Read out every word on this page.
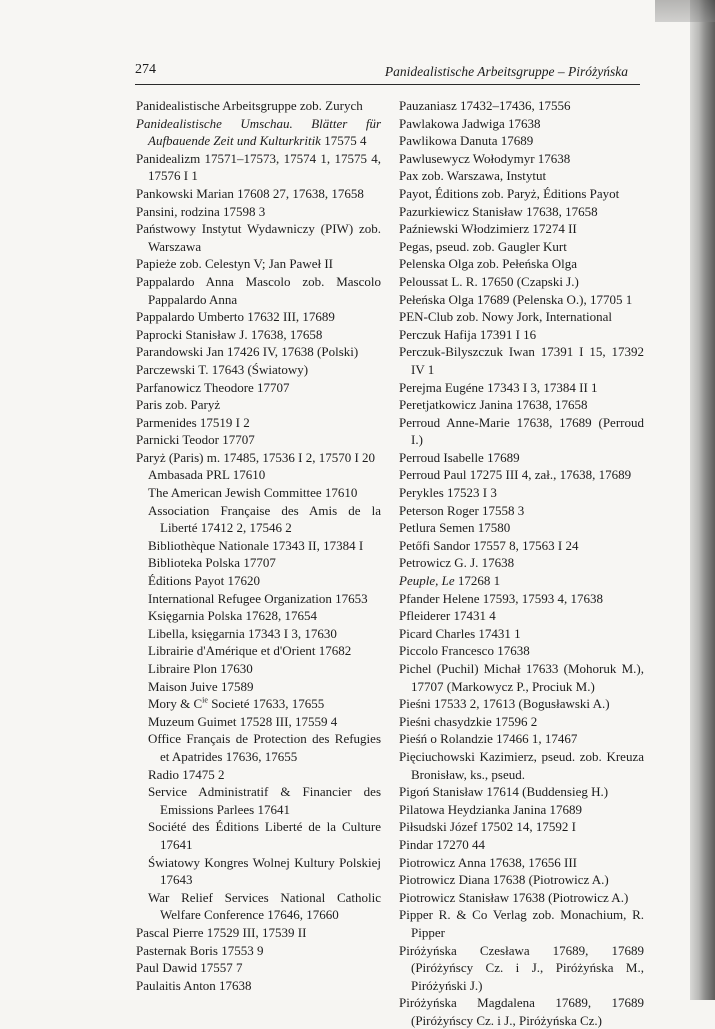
274	Panidealistische Arbeitsgruppe – Piróżyńska
Panidealistische Arbeitsgruppe zob. Zurych
Panidealistische Umschau. Blätter für Aufbauende Zeit und Kulturkritik 17575 4
Panidealizm 17571–17573, 17574 1, 17575 4, 17576 I 1
Pankowski Marian 17608 27, 17638, 17658
Pansini, rodzina 17598 3
Państwowy Instytut Wydawniczy (PIW) zob. Warszawa
Papieże zob. Celestyn V; Jan Paweł II
Pappalardo Anna Mascolo zob. Mascolo Pappalardo Anna
Pappalardo Umberto 17632 III, 17689
Paprocki Stanisław J. 17638, 17658
Parandowski Jan 17426 IV, 17638 (Polski)
Parczewski T. 17643 (Światowy)
Parfanowicz Theodore 17707
Paris zob. Paryż
Parmenides 17519 I 2
Parnicki Teodor 17707
Paryż (Paris) m. 17485, 17536 I 2, 17570 I 20
Ambasada PRL 17610
The American Jewish Committee 17610
Association Française des Amis de la Liberté 17412 2, 17546 2
Bibliothèque Nationale 17343 II, 17384 I
Biblioteka Polska 17707
Éditions Payot 17620
International Refugee Organization 17653
Księgarnia Polska 17628, 17654
Libella, księgarnia 17343 I 3, 17630
Librairie d'Amérique et d'Orient 17682
Libraire Plon 17630
Maison Juive 17589
Mory & $C^{ie}$ Societé 17633, 17655
Muzeum Guimet 17528 III, 17559 4
Office Français de Protection des Refugies et Apatrides 17636, 17655
Radio 17475 2
Service Administratif & Financier des Emissions Parlees 17641
Société des Éditions Liberté de la Culture 17641
Światowy Kongres Wolnej Kultury Polskiej 17643
War Relief Services National Catholic Welfare Conference 17646, 17660
Pascal Pierre 17529 III, 17539 II
Pasternak Boris 17553 9
Paul Dawid 17557 7
Paulaitis Anton 17638
Pauzaniasz 17432–17436, 17556
Pawlakowa Jadwiga 17638
Pawlikowa Danuta 17689
Pawlusewycz Wołodymyr 17638
Pax zob. Warszawa, Instytut
Payot, Éditions zob. Paryż, Éditions Payot
Pazurkiewicz Stanisław 17638, 17658
Paźniewski Włodzimierz 17274 II
Pegas, pseud. zob. Gaugler Kurt
Pelenska Olga zob. Pełeńska Olga
Peloussat L. R. 17650 (Czapski J.)
Pełeńska Olga 17689 (Pelenska O.), 17705 1
PEN-Club zob. Nowy Jork, International
Perczuk Hafija 17391 I 16
Perczuk-Bilyszczuk Iwan 17391 I 15, 17392 IV 1
Perejma Eugéne 17343 I 3, 17384 II 1
Peretjatkowicz Janina 17638, 17658
Perroud Anne-Marie 17638, 17689 (Perroud I.)
Perroud Isabelle 17689
Perroud Paul 17275 III 4, zał., 17638, 17689
Perykles 17523 I 3
Peterson Roger 17558 3
Petlura Semen 17580
Petőfi Sandor 17557 8, 17563 I 24
Petrowicz G. J. 17638
Peuple, Le 17268 1
Pfander Helene 17593, 17593 4, 17638
Pfleiderer 17431 4
Picard Charles 17431 1
Piccolo Francesco 17638
Pichel (Puchil) Michał 17633 (Mohoruk M.), 17707 (Markowycz P., Prociuk M.)
Pieśni 17533 2, 17613 (Bogusławski A.)
Pieśni chasydzkie 17596 2
Pieśń o Rolandzie 17466 1, 17467
Pięciuchowski Kazimierz, pseud. zob. Kreuza Bronisław, ks., pseud.
Pigoń Stanisław 17614 (Buddensieg H.)
Pilatowa Heydzianka Janina 17689
Piłsudski Józef 17502 14, 17592 I
Pindar 17270 44
Piotrowicz Anna 17638, 17656 III
Piotrowicz Diana 17638 (Piotrowicz A.)
Piotrowicz Stanisław 17638 (Piotrowicz A.)
Pipper R. & Co Verlag zob. Monachium, R. Pipper
Piróżyńska Czesława 17689, 17689 (Piróżyńscy Cz. i J., Piróżyńska M., Piróżyński J.)
Piróżyńska Magdalena 17689, 17689 (Piróżyńscy Cz. i J., Piróżyńska Cz.)
